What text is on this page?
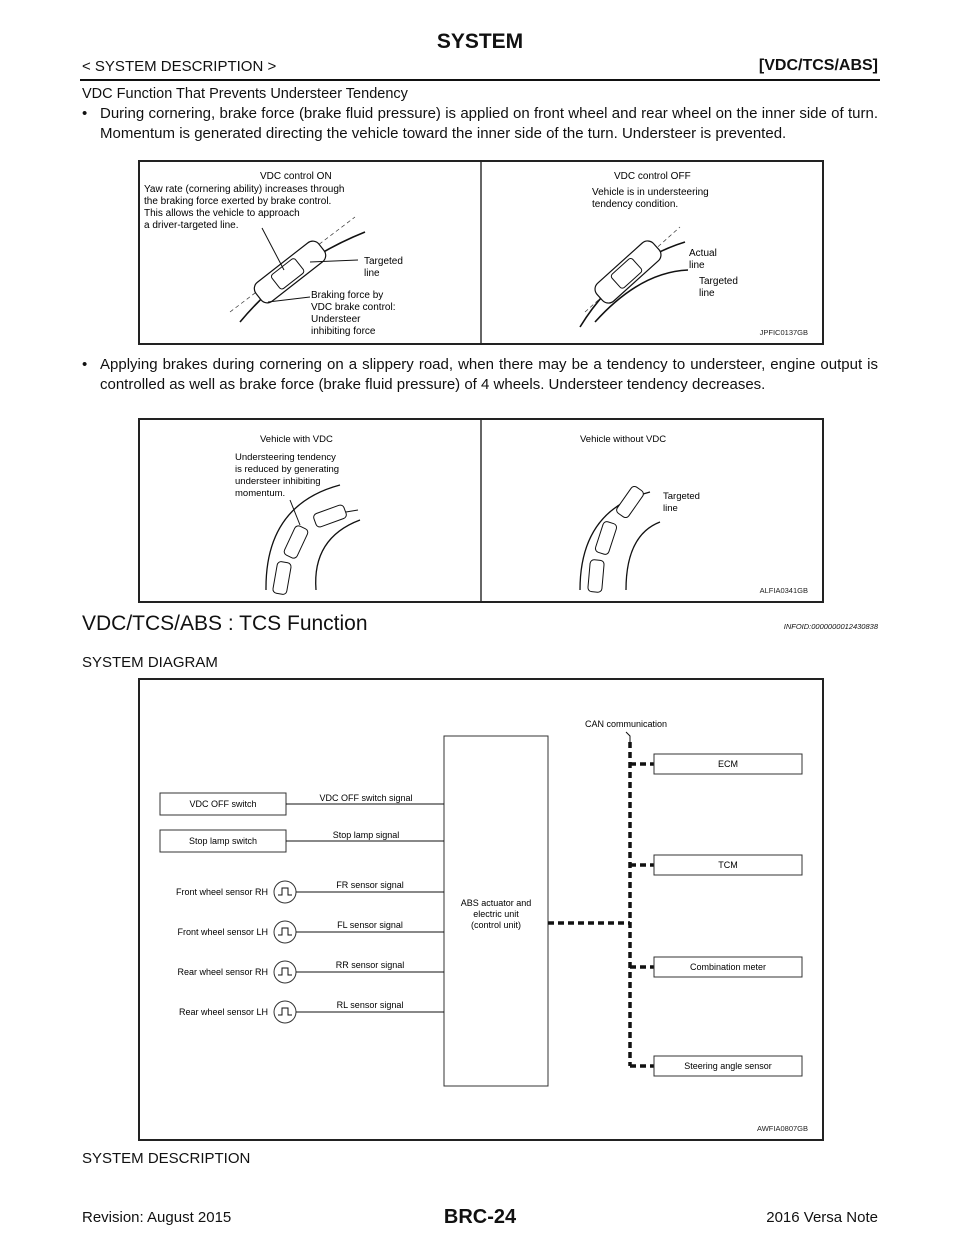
SYSTEM
< SYSTEM DESCRIPTION >	[VDC/TCS/ABS]
VDC Function That Prevents Understeer Tendency
• During cornering, brake force (brake fluid pressure) is applied on front wheel and rear wheel on the inner side of turn. Momentum is generated directing the vehicle toward the inner side of the turn. Understeer is prevented.
VDC control ON
Yaw rate (cornering ability) increases through
the braking force exerted by brake control.
This allows the vehicle to approach
a driver-targeted line.
Targeted
line
Braking force by
VDC brake control:
Understeer
inhibiting force
VDC control OFF
Vehicle is in understeering
tendency condition.
Actual
line
Targeted
line
JPFIC0137GB
• Applying brakes during cornering on a slippery road, when there may be a tendency to understeer, engine output is controlled as well as brake force (brake fluid pressure) of 4 wheels. Understeer tendency decreases.
Vehicle with VDC
Understeering tendency
is reduced by generating
understeer inhibiting
momentum.
Vehicle without VDC
Targeted
line
ALFIA0341GB
VDC/TCS/ABS : TCS Function	INFOID:0000000012430838
SYSTEM DIAGRAM
ABS actuator and
electric unit
(control unit)
CAN communication
VDC OFF switch
VDC OFF switch signal
Stop lamp switch
Stop lamp signal
Front wheel sensor RH
Front wheel sensor LH
Rear wheel sensor RH
Rear wheel sensor LH
FR sensor signal
FL sensor signal
RR sensor signal
RL sensor signal
ECM
TCM
Combination meter
Steering angle sensor
AWFIA0807GB
SYSTEM DESCRIPTION
Revision: August 2015	BRC-24	2016 Versa Note
